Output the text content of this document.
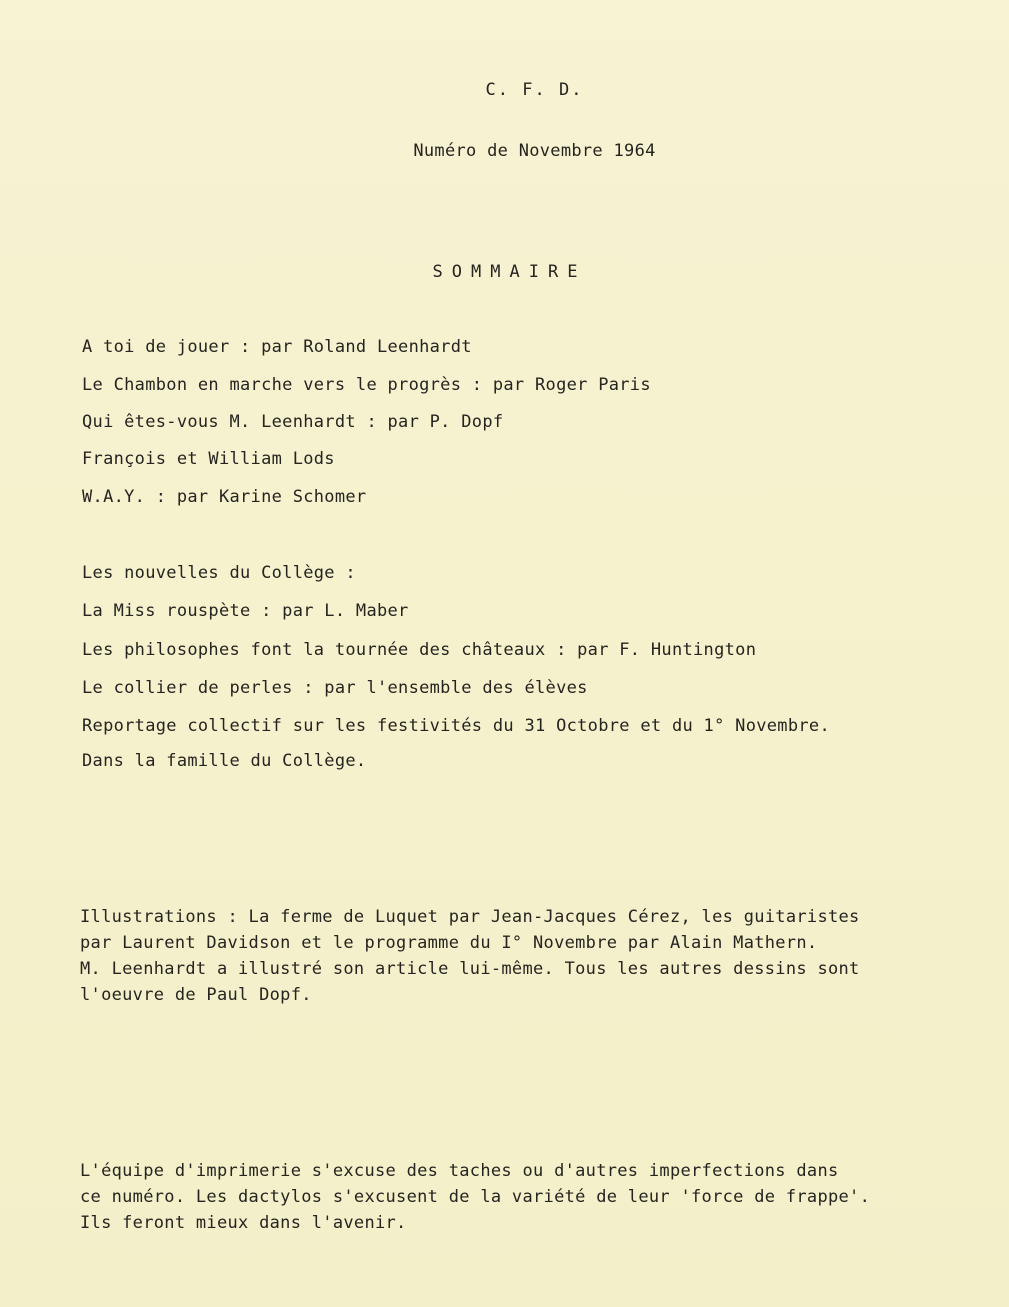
C. F. D.
Numéro de Novembre 1964
SOMMAIRE
A toi de jouer : par Roland Leenhardt
Le Chambon en marche vers le progrès : par Roger Paris
Qui êtes-vous M. Leenhardt : par P. Dopf
François et William Lods
W.A.Y. : par Karine Schomer
Les nouvelles du Collège :
La Miss rouspète : par L. Maber
Les philosophes font la tournée des châteaux : par F. Huntington
Le collier de perles : par l'ensemble des élèves
Reportage collectif sur les festivités du 31 Octobre et du 1° Novembre.
Dans la famille du Collège.
Illustrations : La ferme de Luquet par Jean-Jacques Cérez, les guitaristes
par Laurent Davidson et le programme du I° Novembre par Alain Mathern.
M. Leenhardt a illustré son article lui-même. Tous les autres dessins sont
l'oeuvre de Paul Dopf.
L'équipe d'imprimerie s'excuse des taches ou d'autres imperfections dans
ce numéro. Les dactylos s'excusent de la variété de leur 'force de frappe'.
Ils feront mieux dans l'avenir.
